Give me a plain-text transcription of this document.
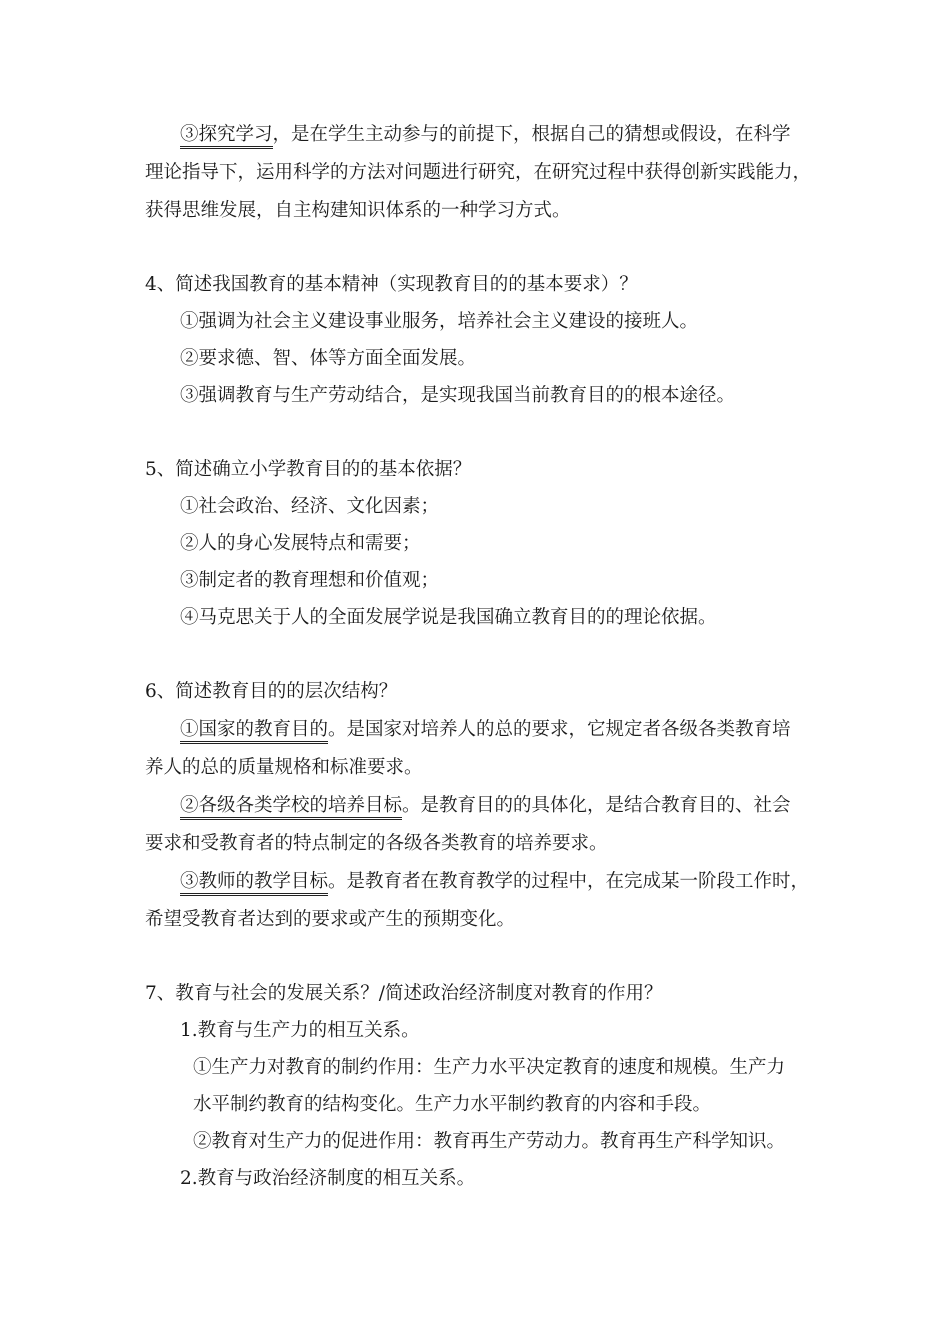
③探究学习，是在学生主动参与的前提下，根据自己的猜想或假设，在科学
理论指导下，运用科学的方法对问题进行研究，在研究过程中获得创新实践能力，
获得思维发展，自主构建知识体系的一种学习方式。
4、简述我国教育的基本精神（实现教育目的的基本要求）？
①强调为社会主义建设事业服务，培养社会主义建设的接班人。
②要求德、智、体等方面全面发展。
③强调教育与生产劳动结合，是实现我国当前教育目的的根本途径。
5、简述确立小学教育目的的基本依据？
①社会政治、经济、文化因素；
②人的身心发展特点和需要；
③制定者的教育理想和价值观；
④马克思关于人的全面发展学说是我国确立教育目的的理论依据。
6、简述教育目的的层次结构？
①国家的教育目的。是国家对培养人的总的要求，它规定者各级各类教育培
养人的总的质量规格和标准要求。
②各级各类学校的培养目标。是教育目的的具体化，是结合教育目的、社会
要求和受教育者的特点制定的各级各类教育的培养要求。
③教师的教学目标。是教育者在教育教学的过程中，在完成某一阶段工作时，
希望受教育者达到的要求或产生的预期变化。
7、教育与社会的发展关系？/简述政治经济制度对教育的作用？
1.教育与生产力的相互关系。
①生产力对教育的制约作用：生产力水平决定教育的速度和规模。生产力
水平制约教育的结构变化。生产力水平制约教育的内容和手段。
②教育对生产力的促进作用：教育再生产劳动力。教育再生产科学知识。
2.教育与政治经济制度的相互关系。
